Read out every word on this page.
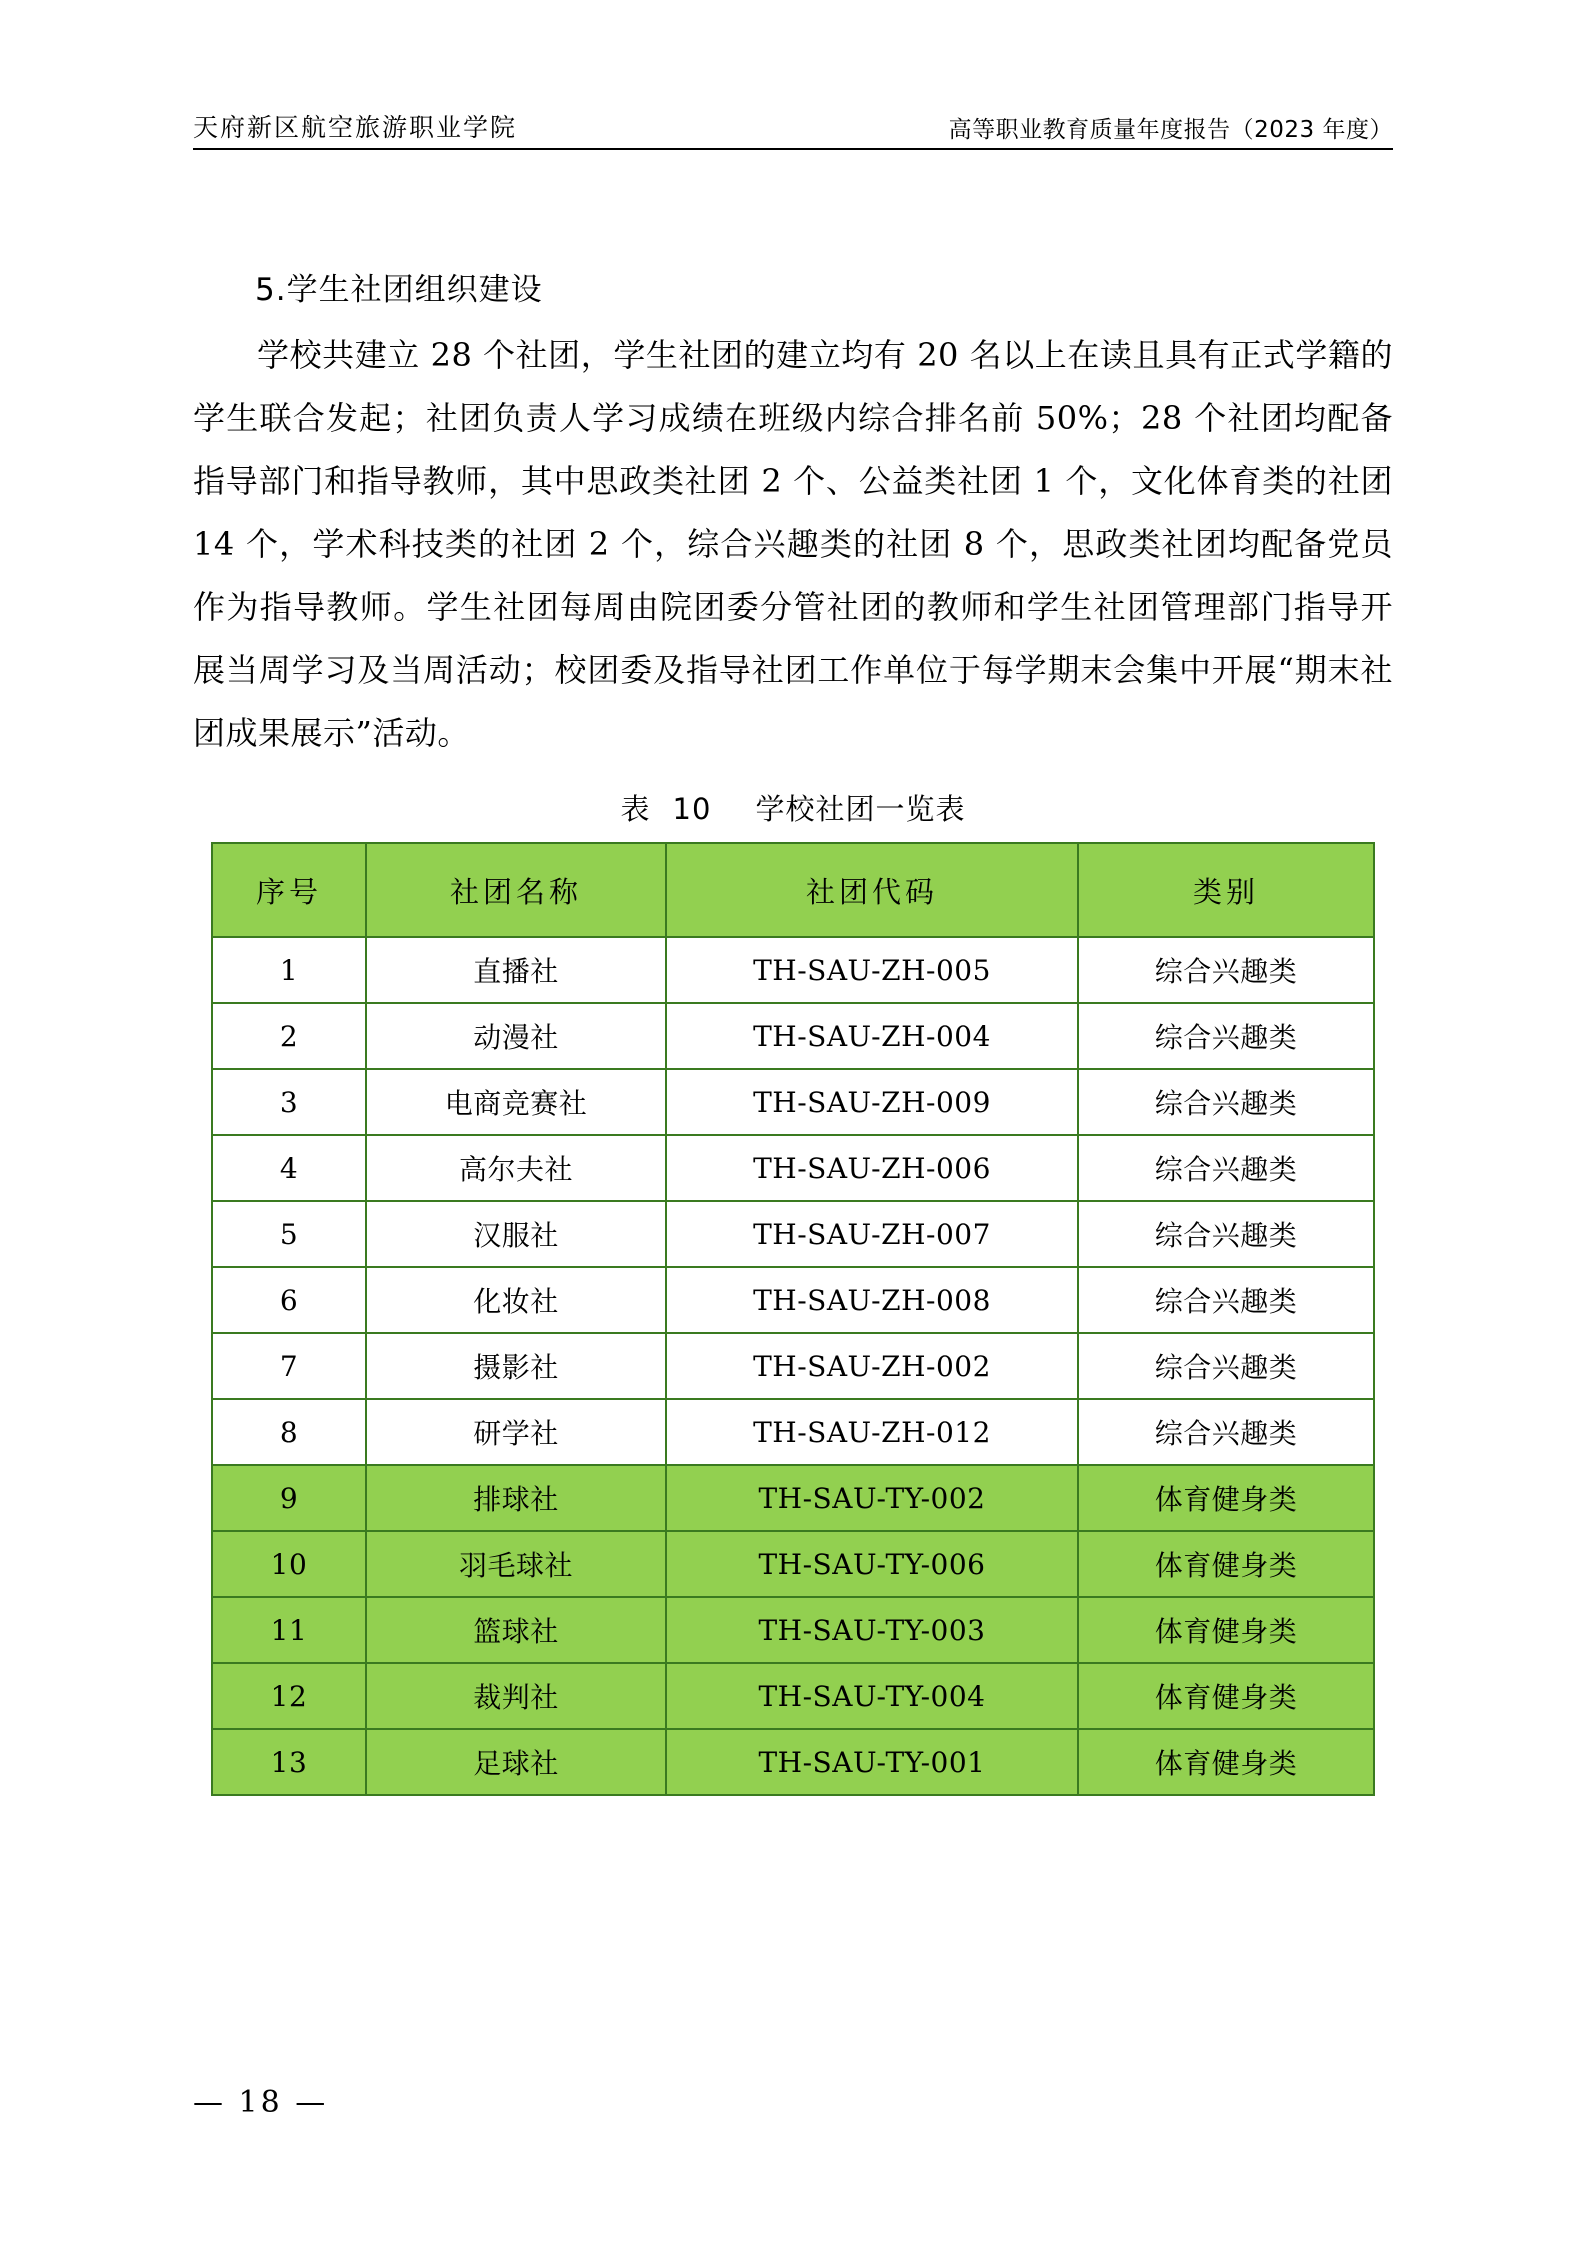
天府新区航空旅游职业学院	高等职业教育质量年度报告（2023 年度）
5.学生社团组织建设
学校共建立 28 个社团，学生社团的建立均有 20 名以上在读且具有正式学籍的学生联合发起；社团负责人学习成绩在班级内综合排名前 50%；28 个社团均配备指导部门和指导教师，其中思政类社团 2 个、公益类社团 1 个，文化体育类的社团 14 个，学术科技类的社团 2 个，综合兴趣类的社团 8 个，思政类社团均配备党员作为指导教师。学生社团每周由院团委分管社团的教师和学生社团管理部门指导开展当周学习及当周活动；校团委及指导社团工作单位于每学期末会集中开展“期末社团成果展示”活动。
表 10 学校社团一览表
序号	社团名称	社团代码	类别
1	直播社	TH-SAU-ZH-005	综合兴趣类
2	动漫社	TH-SAU-ZH-004	综合兴趣类
3	电商竞赛社	TH-SAU-ZH-009	综合兴趣类
4	高尔夫社	TH-SAU-ZH-006	综合兴趣类
5	汉服社	TH-SAU-ZH-007	综合兴趣类
6	化妆社	TH-SAU-ZH-008	综合兴趣类
7	摄影社	TH-SAU-ZH-002	综合兴趣类
8	研学社	TH-SAU-ZH-012	综合兴趣类
9	排球社	TH-SAU-TY-002	体育健身类
10	羽毛球社	TH-SAU-TY-006	体育健身类
11	篮球社	TH-SAU-TY-003	体育健身类
12	裁判社	TH-SAU-TY-004	体育健身类
13	足球社	TH-SAU-TY-001	体育健身类
— 18 —
